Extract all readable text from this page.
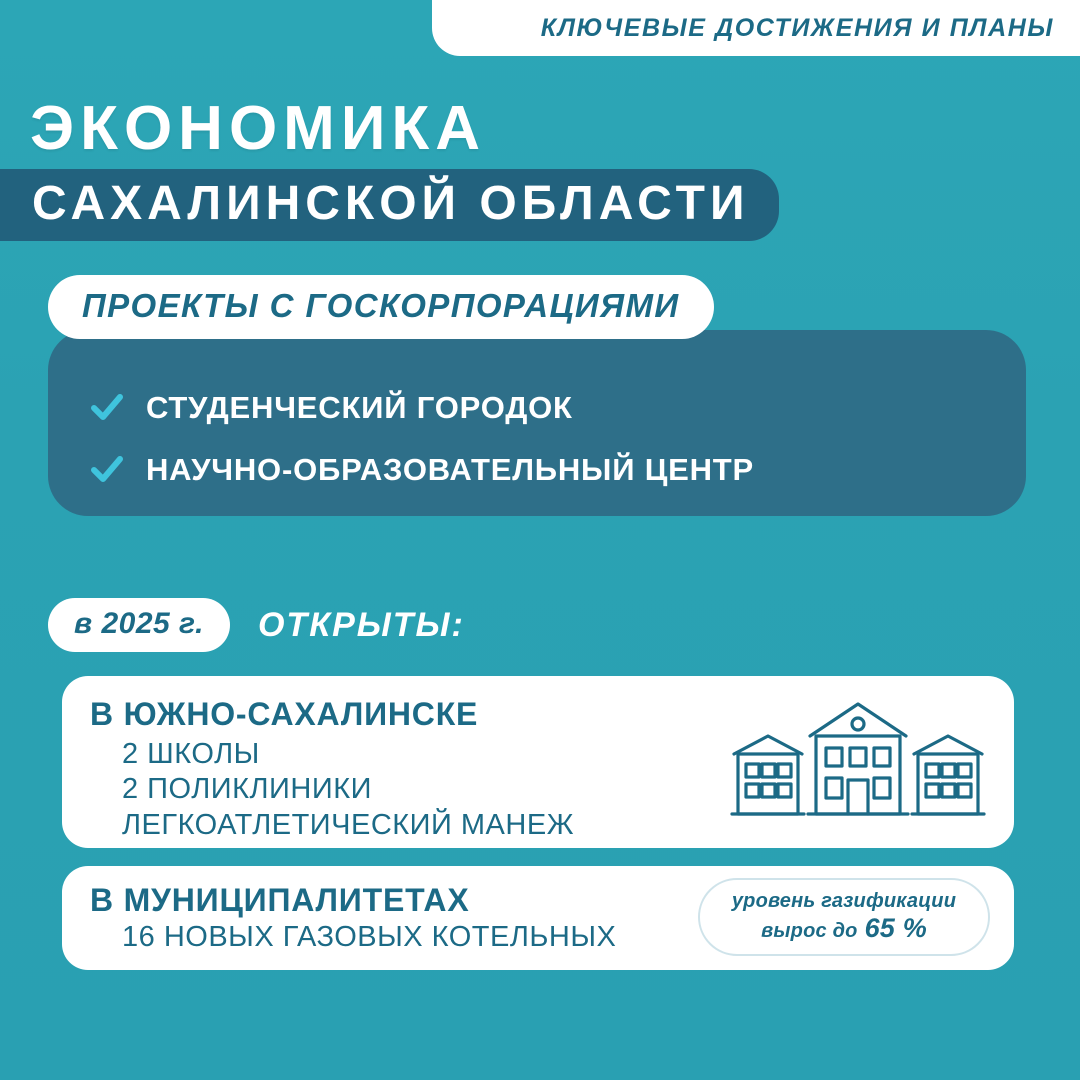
КЛЮЧЕВЫЕ ДОСТИЖЕНИЯ И ПЛАНЫ
ЭКОНОМИКА
САХАЛИНСКОЙ ОБЛАСТИ
ПРОЕКТЫ С ГОСКОРПОРАЦИЯМИ
СТУДЕНЧЕСКИЙ ГОРОДОК
НАУЧНО-ОБРАЗОВАТЕЛЬНЫЙ ЦЕНТР
в 2025 г.	ОТКРЫТЫ:
В ЮЖНО-САХАЛИНСКЕ
2 ШКОЛЫ
2 ПОЛИКЛИНИКИ
ЛЕГКОАТЛЕТИЧЕСКИЙ МАНЕЖ
В МУНИЦИПАЛИТЕТАХ
16 НОВЫХ ГАЗОВЫХ КОТЕЛЬНЫХ
уровень газификации
вырос до 65 %
